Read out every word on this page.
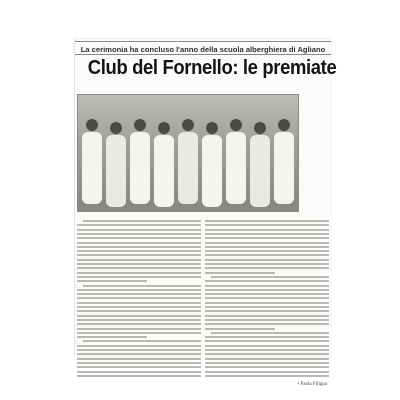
La cerimonia ha concluso l'anno della scuola alberghiera di Agliano
Club del Fornello: le premiate
• Paola Filippa
